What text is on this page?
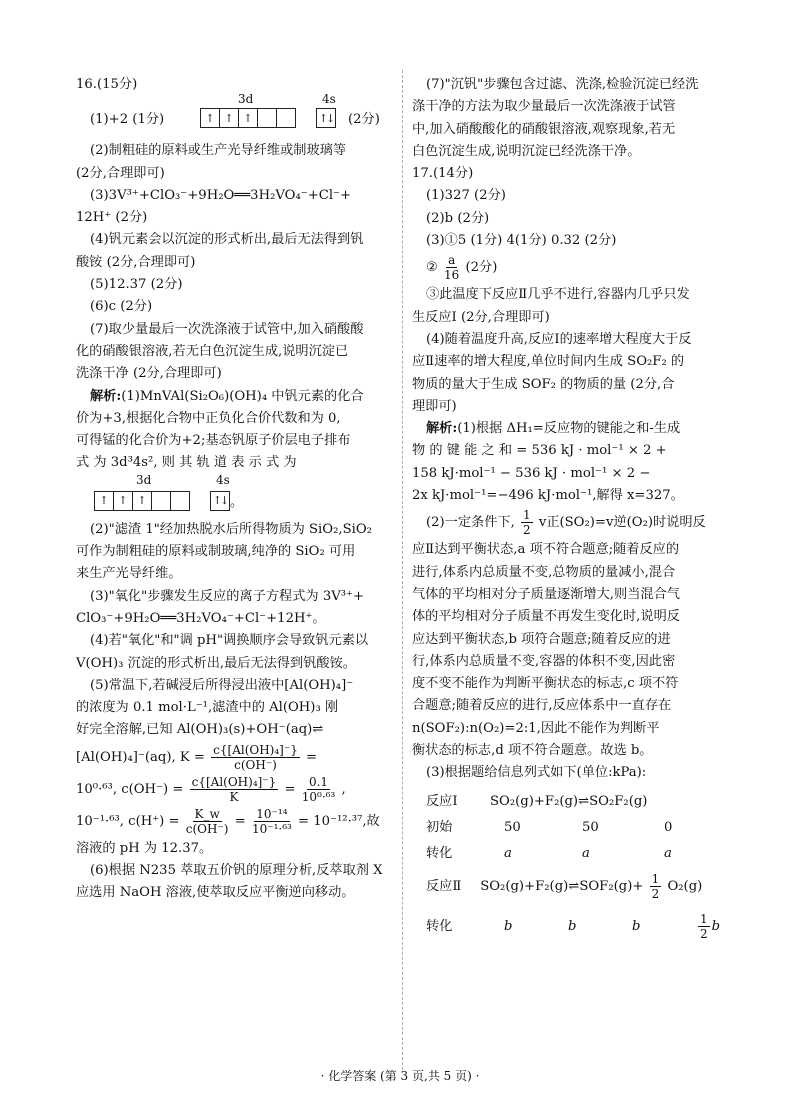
16.(15分)
(1)+2 (1分)
3d	4s
↑ ↑ ↑	↑↓ (2分)
(2)制粗硅的原料或生产光导纤维或制玻璃等
(2分,合理即可)
(3)3V³⁺+ClO₃⁻+9H₂O══3H₂VO₄⁻+Cl⁻+
12H⁺ (2分)
(4)钒元素会以沉淀的形式析出,最后无法得到钒
酸铵 (2分,合理即可)
(5)12.37 (2分)
(6)c (2分)
(7)取少量最后一次洗涤液于试管中,加入硝酸酸
化的硝酸银溶液,若无白色沉淀生成,说明沉淀已
洗涤干净 (2分,合理即可)
解析:(1)MnVAl(Si₂O₆)(OH)₄ 中钒元素的化合
价为+3,根据化合物中正负化合价代数和为 0,
可得锰的化合价为+2;基态钒原子价层电子排布
式 为 3d³4s², 则 其 轨 道 表 示 式 为
3d	4s
↑ ↑ ↑	↑↓ 。
(2)"滤渣 1"经加热脱水后所得物质为 SiO₂,SiO₂
可作为制粗硅的原料或制玻璃,纯净的 SiO₂ 可用
来生产光导纤维。
(3)"氧化"步骤发生反应的离子方程式为 3V³⁺+
ClO₃⁻+9H₂O══3H₂VO₄⁻+Cl⁻+12H⁺。
(4)若"氧化"和"调 pH"调换顺序会导致钒元素以
V(OH)₃ 沉淀的形式析出,最后无法得到钒酸铵。
(5)常温下,若碱浸后所得浸出液中[Al(OH)₄]⁻
的浓度为 0.1 mol·L⁻¹,滤渣中的 Al(OH)₃ 刚
好完全溶解,已知 Al(OH)₃(s)+OH⁻(aq)⇌
[Al(OH)₄]⁻(aq), $K = \frac{\text{c\{[Al(OH)₄]⁻\}}}{c(OH^-)}$ =
10⁰·⁶³, $c(OH^-) = \frac{\text{c\{[Al(OH)₄]⁻\}}}{K} = \frac{0.1}{\text{10⁰·⁶³}}$ ,
10⁻¹·⁶³, $c(H^+) = \frac{K\_w}{c(OH^-)} = \frac{\text{10⁻¹⁴}}{\text{10⁻¹·⁶³}} = 10^{-12}\cdot^{37}$,故
溶液的 pH 为 12.37。
(6)根据 N235 萃取五价钒的原理分析,反萃取剂 X
应选用 NaOH 溶液,使萃取反应平衡逆向移动。
(7)"沉钒"步骤包含过滤、洗涤,检验沉淀已经洗
涤干净的方法为取少量最后一次洗涤液于试管
中,加入硝酸酸化的硝酸银溶液,观察现象,若无
白色沉淀生成,说明沉淀已经洗涤干净。
17.(14分)
(1)327 (2分)
(2)b (2分)
(3)①5 (1分) 4(1分) 0.32 (2分)
② $\frac{a}{16} (2$分)
③此温度下反应Ⅱ几乎不进行,容器内几乎只发
生反应Ⅰ (2分,合理即可)
(4)随着温度升高,反应Ⅰ的速率增大程度大于反
应Ⅱ速率的增大程度,单位时间内生成 SO₂F₂ 的
物质的量大于生成 SOF₂ 的物质的量 (2分,合
理即可)
解析:(1)根据 ΔH₁=反应物的键能之和-生成
物 的 键 能 之 和 = 536 kJ · mol⁻¹ × 2 +
158 kJ·mol⁻¹ − 536 kJ · mol⁻¹ × 2 −
2x kJ·mol⁻¹=−496 kJ·mol⁻¹,解得 x=327。
(2)一定条件下, $\frac{1}{2}$ v正(SO₂)=v逆(O₂)时说明反
应Ⅱ达到平衡状态,a 项不符合题意;随着反应的
进行,体系内总质量不变,总物质的量减小,混合
气体的平均相对分子质量逐渐增大,则当混合气
体的平均相对分子质量不再发生变化时,说明反
应达到平衡状态,b 项符合题意;随着反应的进
行,体系内总质量不变,容器的体积不变,因此密
度不变不能作为判断平衡状态的标志,c 项不符
合题意;随着反应的进行,反应体系中一直存在
n(SOF₂):n(O₂)=2:1,因此不能作为判断平
衡状态的标志,d 项不符合题意。故选 b。
(3)根据题给信息列式如下(单位:kPa):
反应Ⅰ	SO₂(g)+F₂(g)⇌SO₂F₂(g)
初始	50	50	0
转化	a	a	a
反应Ⅱ SO₂(g)+F₂(g)⇌SOF₂(g)+ $\frac{1}{2} O_2(g)$
转化	b	b	b	$\frac{1}{2}$ b
· 化学答案 (第 3 页,共 5 页) ·
